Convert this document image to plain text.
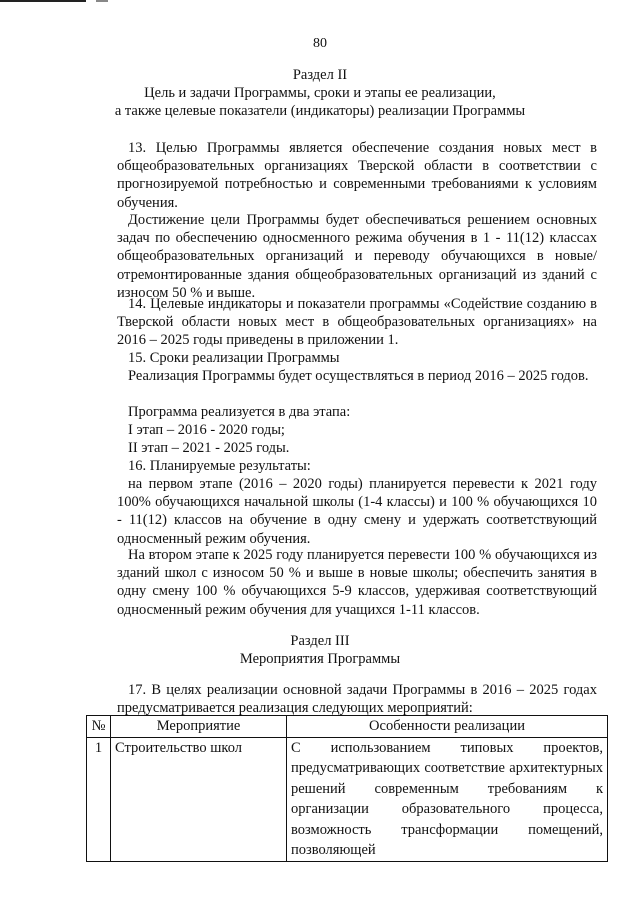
80
Раздел II
Цель и задачи Программы, сроки и этапы ее реализации,
а также целевые показатели (индикаторы) реализации Программы
13. Целью Программы является обеспечение создания новых мест в общеобразовательных организациях Тверской области в соответствии с прогнозируемой потребностью и современными требованиями к условиям обучения.
Достижение цели Программы будет обеспечиваться решением основных задач по обеспечению односменного режима обучения в 1 - 11(12) классах общеобразовательных организаций и переводу обучающихся в новые/отремонтированные здания общеобразовательных организаций из зданий с износом 50 % и выше.
14. Целевые индикаторы и показатели программы «Содействие созданию в Тверской области новых мест в общеобразовательных организациях» на 2016 – 2025 годы приведены в приложении 1.
15. Сроки реализации Программы
Реализация Программы будет осуществляться в период 2016 – 2025 годов.
Программа реализуется в два этапа:
I этап – 2016 - 2020 годы;
II этап – 2021 - 2025 годы.
16. Планируемые результаты:
на первом этапе (2016 – 2020 годы) планируется перевести к 2021 году 100% обучающихся начальной школы (1-4 классы) и 100 % обучающихся 10 - 11(12) классов на обучение в одну смену и удержать соответствующий односменный режим обучения.
На втором этапе к 2025 году планируется перевести 100 % обучающихся из зданий школ с износом 50 % и выше в новые школы; обеспечить занятия в одну смену 100 % обучающихся 5-9 классов, удерживая соответствующий односменный режим обучения для учащихся 1-11 классов.
Раздел III
Мероприятия Программы
17. В целях реализации основной задачи Программы в 2016 – 2025 годах предусматривается реализация следующих мероприятий:
№	Мероприятие	Особенности реализации
1	Строительство школ	С использованием типовых проектов, предусматривающих соответствие архитектурных решений современным требованиям к организации образовательного процесса, возможность трансформации помещений, позволяющей
